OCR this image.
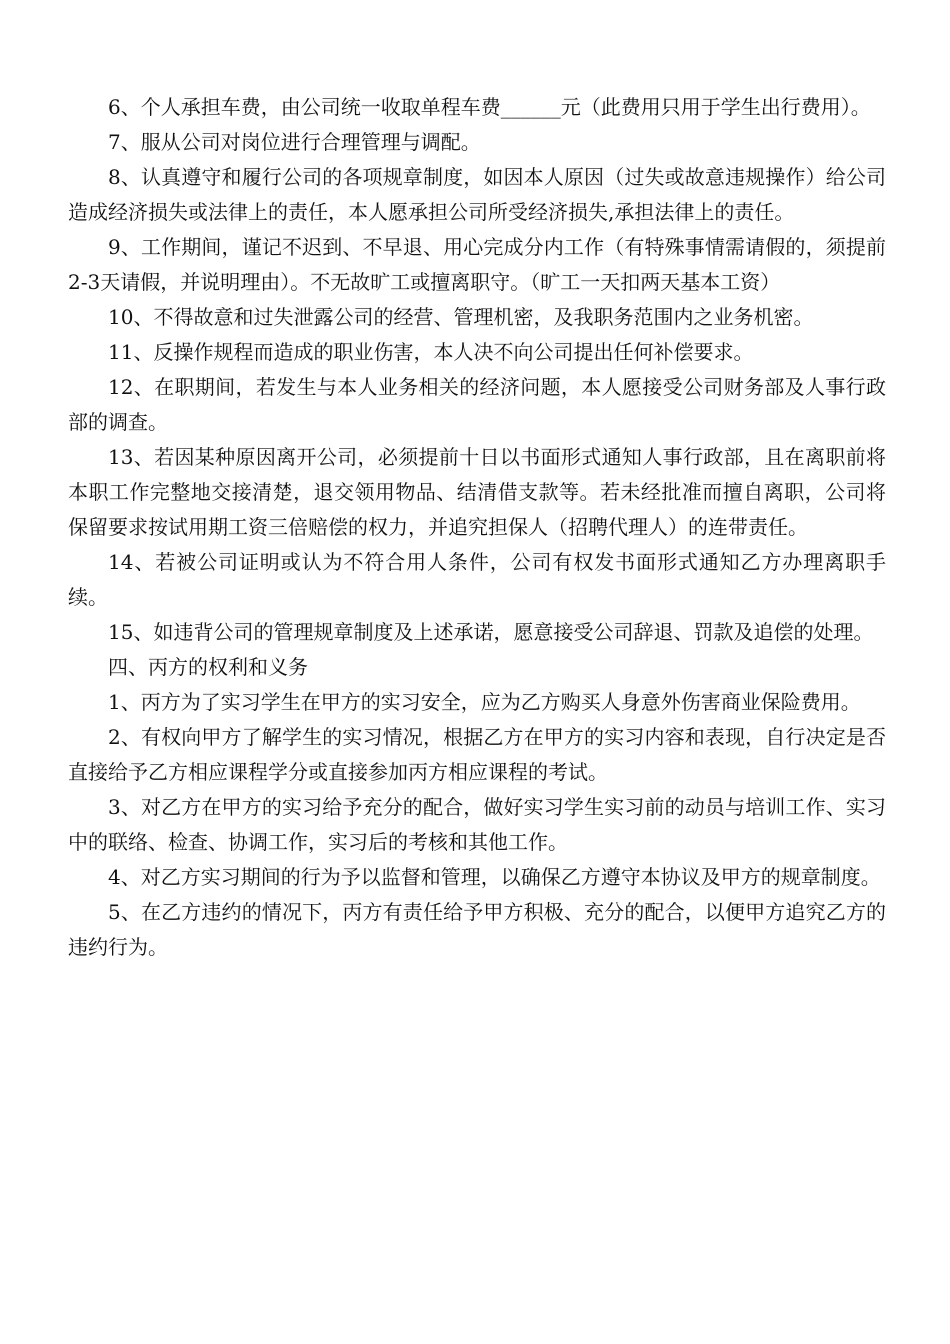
6、个人承担车费，由公司统一收取单程车费______元（此费用只用于学生出行费用）。

7、服从公司对岗位进行合理管理与调配。

8、认真遵守和履行公司的各项规章制度，如因本人原因（过失或故意违规操作）给公司造成经济损失或法律上的责任，本人愿承担公司所受经济损失,承担法律上的责任。

9、工作期间，谨记不迟到、不早退、用心完成分内工作（有特殊事情需请假的，须提前2-3天请假，并说明理由）。不无故旷工或擅离职守。（旷工一天扣两天基本工资）

10、不得故意和过失泄露公司的经营、管理机密，及我职务范围内之业务机密。

11、反操作规程而造成的职业伤害，本人决不向公司提出任何补偿要求。

12、在职期间，若发生与本人业务相关的经济问题，本人愿接受公司财务部及人事行政部的调查。

13、若因某种原因离开公司，必须提前十日以书面形式通知人事行政部，且在离职前将本职工作完整地交接清楚，退交领用物品、结清借支款等。若未经批准而擅自离职，公司将保留要求按试用期工资三倍赔偿的权力，并追究担保人（招聘代理人）的连带责任。

14、若被公司证明或认为不符合用人条件，公司有权发书面形式通知乙方办理离职手续。

15、如违背公司的管理规章制度及上述承诺，愿意接受公司辞退、罚款及追偿的处理。

四、丙方的权利和义务

1、丙方为了实习学生在甲方的实习安全，应为乙方购买人身意外伤害商业保险费用。

2、有权向甲方了解学生的实习情况，根据乙方在甲方的实习内容和表现，自行决定是否直接给予乙方相应课程学分或直接参加丙方相应课程的考试。

3、对乙方在甲方的实习给予充分的配合，做好实习学生实习前的动员与培训工作、实习中的联络、检查、协调工作，实习后的考核和其他工作。

4、对乙方实习期间的行为予以监督和管理，以确保乙方遵守本协议及甲方的规章制度。

5、在乙方违约的情况下，丙方有责任给予甲方积极、充分的配合，以便甲方追究乙方的违约行为。
